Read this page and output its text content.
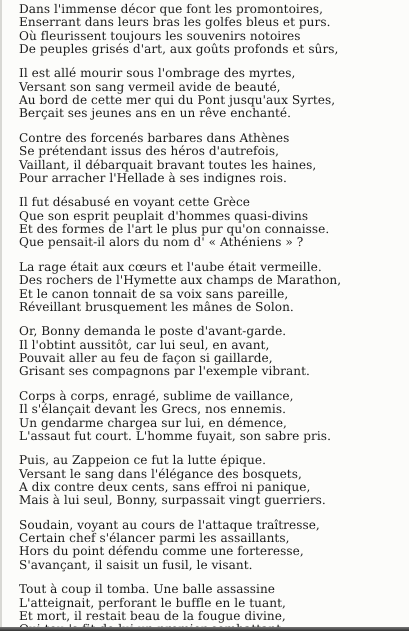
Dans l'immense décor que font les promontoires,
Enserrant dans leurs bras les golfes bleus et purs.
Où fleurissent toujours les souvenirs notoires
De peuples grisés d'art, aux goûts profonds et sûrs,
Il est allé mourir sous l'ombrage des myrtes,
Versant son sang vermeil avide de beauté,
Au bord de cette mer qui du Pont jusqu'aux Syrtes,
Berçait ses jeunes ans en un rêve enchanté.
Contre des forcenés barbares dans Athènes
Se prétendant issus des héros d'autrefois,
Vaillant, il débarquait bravant toutes les haines,
Pour arracher l'Hellade à ses indignes rois.
Il fut désabusé en voyant cette Grèce
Que son esprit peuplait d'hommes quasi-divins
Et des formes de l'art le plus pur qu'on connaisse.
Que pensait-il alors du nom d' « Athéniens » ?
La rage était aux cœurs et l'aube était vermeille.
Des rochers de l'Hymette aux champs de Marathon,
Et le canon tonnait de sa voix sans pareille,
Réveillant brusquement les mânes de Solon.
Or, Bonny demanda le poste d'avant-garde.
Il l'obtint aussitôt, car lui seul, en avant,
Pouvait aller au feu de façon si gaillarde,
Grisant ses compagnons par l'exemple vibrant.
Corps à corps, enragé, sublime de vaillance,
Il s'élançait devant les Grecs, nos ennemis.
Un gendarme chargea sur lui, en démence,
L'assaut fut court. L'homme fuyait, son sabre pris.
Puis, au Zappeion ce fut la lutte épique.
Versant le sang dans l'élégance des bosquets,
A dix contre deux cents, sans effroi ni panique,
Mais à lui seul, Bonny, surpassait vingt guerriers.
Soudain, voyant au cours de l'attaque traîtresse,
Certain chef s'élancer parmi les assaillants,
Hors du point défendu comme une forteresse,
S'avançant, il saisit un fusil, le visant.
Tout à coup il tomba. Une balle assassine
L'atteignait, perforant le buffle en le tuant,
Et mort, il restait beau de la fougue divine,
